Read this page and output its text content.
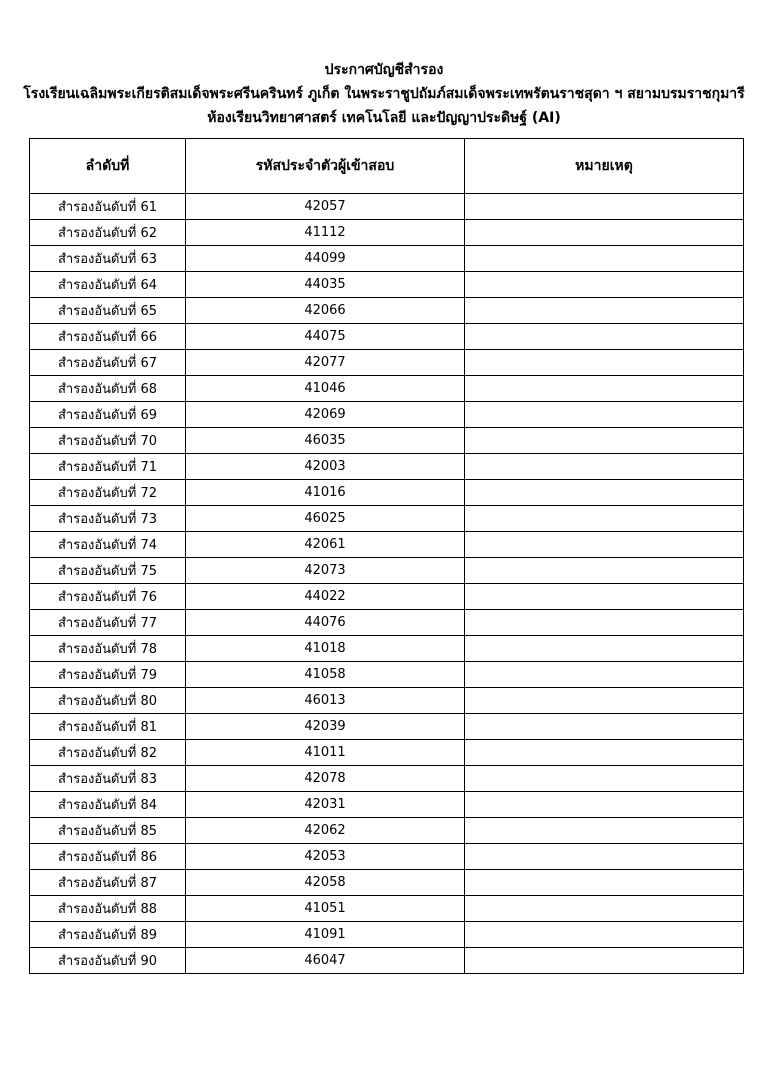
ประกาศบัญชีสำรอง
โรงเรียนเฉลิมพระเกียรติสมเด็จพระศรีนครินทร์ ภูเก็ต ในพระราชูปถัมภ์สมเด็จพระเทพรัตนราชสุดา ฯ สยามบรมราชกุมารี
ห้องเรียนวิทยาศาสตร์ เทคโนโลยี และปัญญาประดิษฐ์ (AI)
ลำดับที่	รหัสประจำตัวผู้เข้าสอบ	หมายเหตุ
สำรองอันดับที่ 61	42057	
สำรองอันดับที่ 62	41112	
สำรองอันดับที่ 63	44099	
สำรองอันดับที่ 64	44035	
สำรองอันดับที่ 65	42066	
สำรองอันดับที่ 66	44075	
สำรองอันดับที่ 67	42077	
สำรองอันดับที่ 68	41046	
สำรองอันดับที่ 69	42069	
สำรองอันดับที่ 70	46035	
สำรองอันดับที่ 71	42003	
สำรองอันดับที่ 72	41016	
สำรองอันดับที่ 73	46025	
สำรองอันดับที่ 74	42061	
สำรองอันดับที่ 75	42073	
สำรองอันดับที่ 76	44022	
สำรองอันดับที่ 77	44076	
สำรองอันดับที่ 78	41018	
สำรองอันดับที่ 79	41058	
สำรองอันดับที่ 80	46013	
สำรองอันดับที่ 81	42039	
สำรองอันดับที่ 82	41011	
สำรองอันดับที่ 83	42078	
สำรองอันดับที่ 84	42031	
สำรองอันดับที่ 85	42062	
สำรองอันดับที่ 86	42053	
สำรองอันดับที่ 87	42058	
สำรองอันดับที่ 88	41051	
สำรองอันดับที่ 89	41091	
สำรองอันดับที่ 90	46047	
